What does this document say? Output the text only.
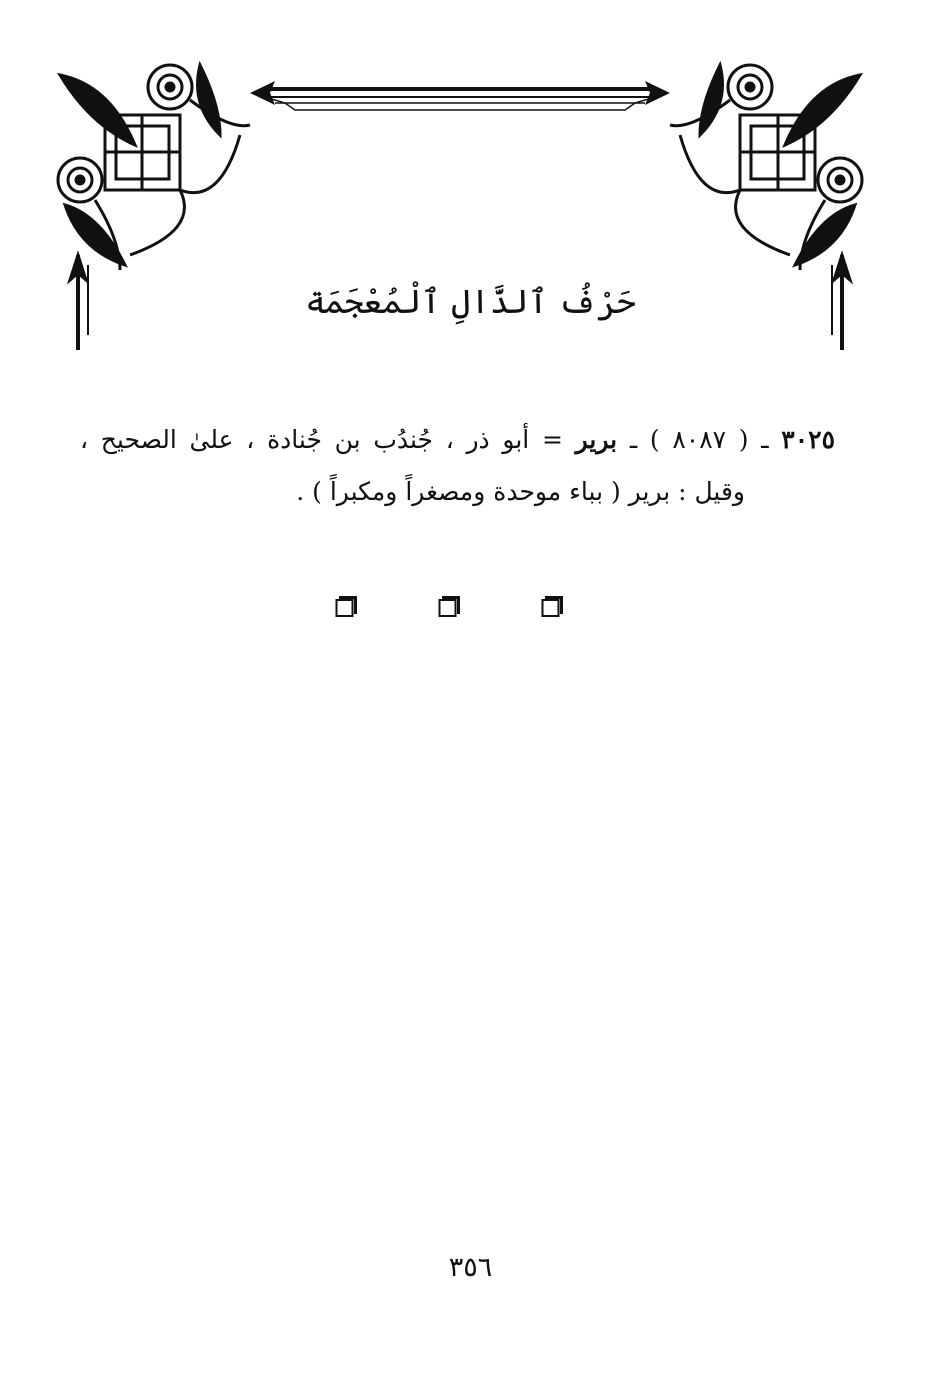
حَرْفُ ٱلذَّالِ ٱلْمُعْجَمَة
٣٠٢٥ ـ ( ٨٠٨٧ ) ـ برير = أبو ذر ، جُندُب بن جُنادة ، علىٰ الصحيح ،
وقيل : برير ( بباء موحدة ومصغراً ومكبراً ) .
٣٥٦
